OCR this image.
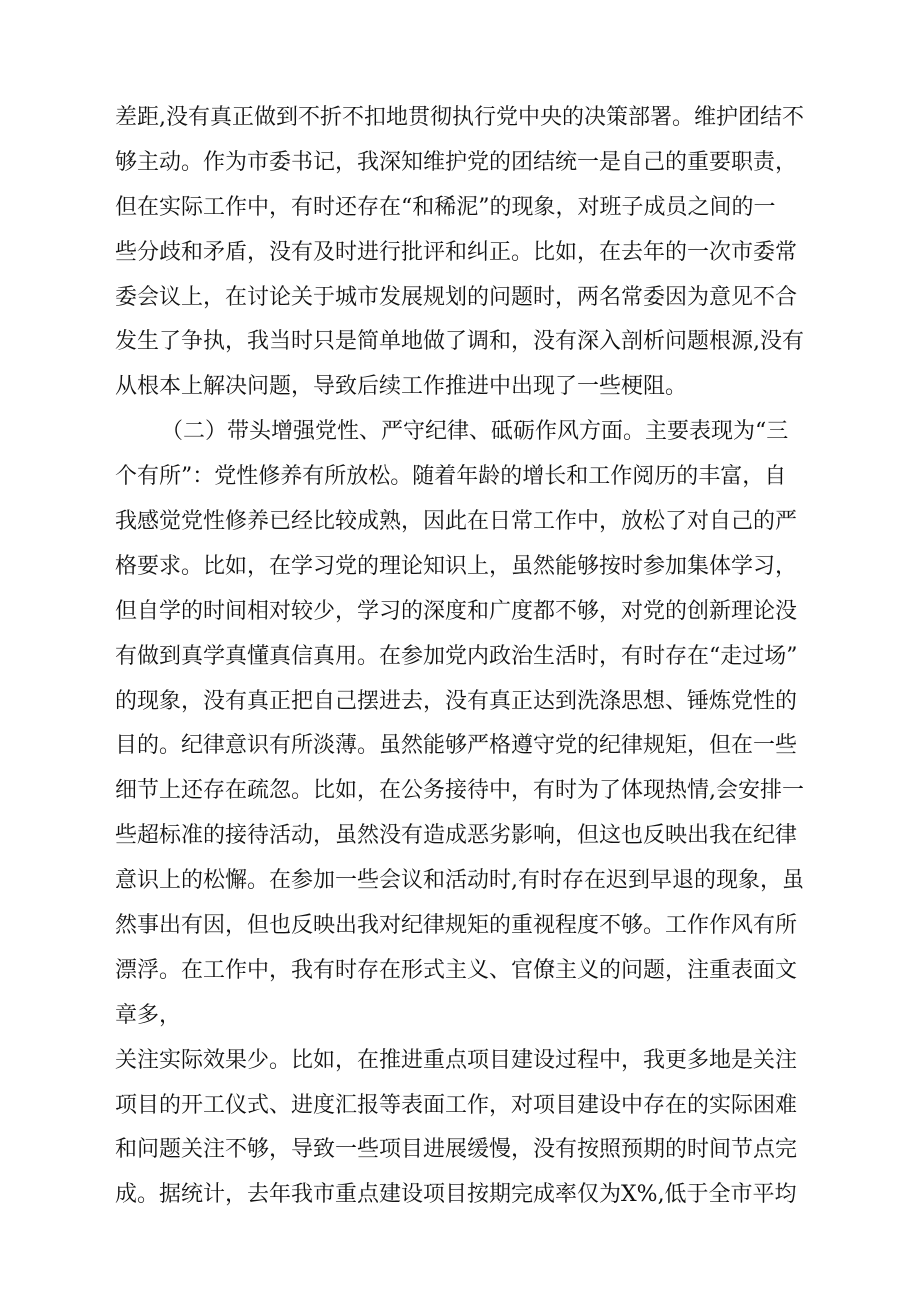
差距,没有真正做到不折不扣地贯彻执行党中央的决策部署。维护团结不
够主动。作为市委书记，我深知维护党的团结统一是自己的重要职责，
但在实际工作中，有时还存在“和稀泥”的现象，对班子成员之间的一
些分歧和矛盾，没有及时进行批评和纠正。比如，在去年的一次市委常
委会议上，在讨论关于城市发展规划的问题时，两名常委因为意见不合
发生了争执，我当时只是简单地做了调和，没有深入剖析问题根源,没有
从根本上解决问题，导致后续工作推进中出现了一些梗阻。
（二）带头增强党性、严守纪律、砥砺作风方面。主要表现为“三
个有所”：党性修养有所放松。随着年龄的增长和工作阅历的丰富，自
我感觉党性修养已经比较成熟，因此在日常工作中，放松了对自己的严
格要求。比如，在学习党的理论知识上，虽然能够按时参加集体学习，
但自学的时间相对较少，学习的深度和广度都不够，对党的创新理论没
有做到真学真懂真信真用。在参加党内政治生活时，有时存在“走过场”
的现象，没有真正把自己摆进去，没有真正达到洗涤思想、锤炼党性的
目的。纪律意识有所淡薄。虽然能够严格遵守党的纪律规矩，但在一些
细节上还存在疏忽。比如，在公务接待中，有时为了体现热情,会安排一
些超标准的接待活动，虽然没有造成恶劣影响，但这也反映出我在纪律
意识上的松懈。在参加一些会议和活动时,有时存在迟到早退的现象，虽
然事出有因，但也反映出我对纪律规矩的重视程度不够。工作作风有所
漂浮。在工作中，我有时存在形式主义、官僚主义的问题，注重表面文
章多，
关注实际效果少。比如，在推进重点项目建设过程中，我更多地是关注
项目的开工仪式、进度汇报等表面工作，对项目建设中存在的实际困难
和问题关注不够，导致一些项目进展缓慢，没有按照预期的时间节点完
成。据统计，去年我市重点建设项目按期完成率仅为X%,低于全市平均
